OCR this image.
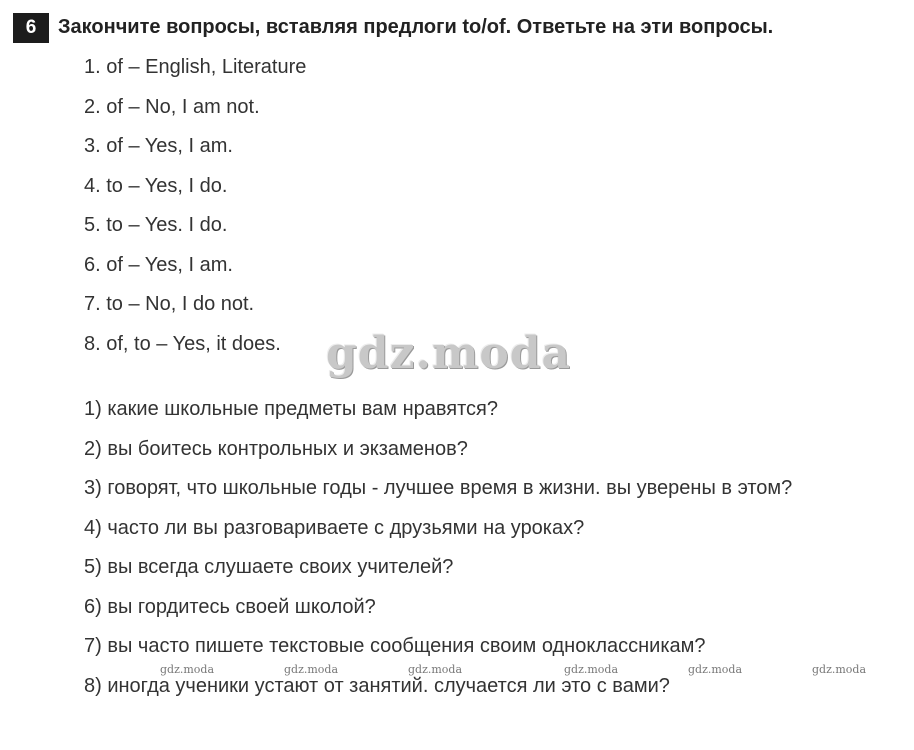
6	Закончите вопросы, вставляя предлоги to/of. Ответьте на эти вопросы.
1. of – English, Literature
2. of – No, I am not.
3. of – Yes, I am.
4. to – Yes, I do.
5. to – Yes. I do.
6. of – Yes, I am.
7. to – No, I do not.
8. of, to – Yes, it does.	gdz.moda
1) какие школьные предметы вам нравятся?
2) вы боитесь контрольных и экзаменов?
3) говорят, что школьные годы - лучшее время в жизни. вы уверены в этом?
4) часто ли вы разговариваете с друзьями на уроках?
5) вы всегда слушаете своих учителей?
6) вы гордитесь своей школой?
7) вы часто пишете текстовые сообщения своим одноклассникам?
8) иногда ученики устают от занятий. случается ли это с вами?
gdz.moda	gdz.moda	gdz.moda	gdz.moda	gdz.moda	gdz.moda
